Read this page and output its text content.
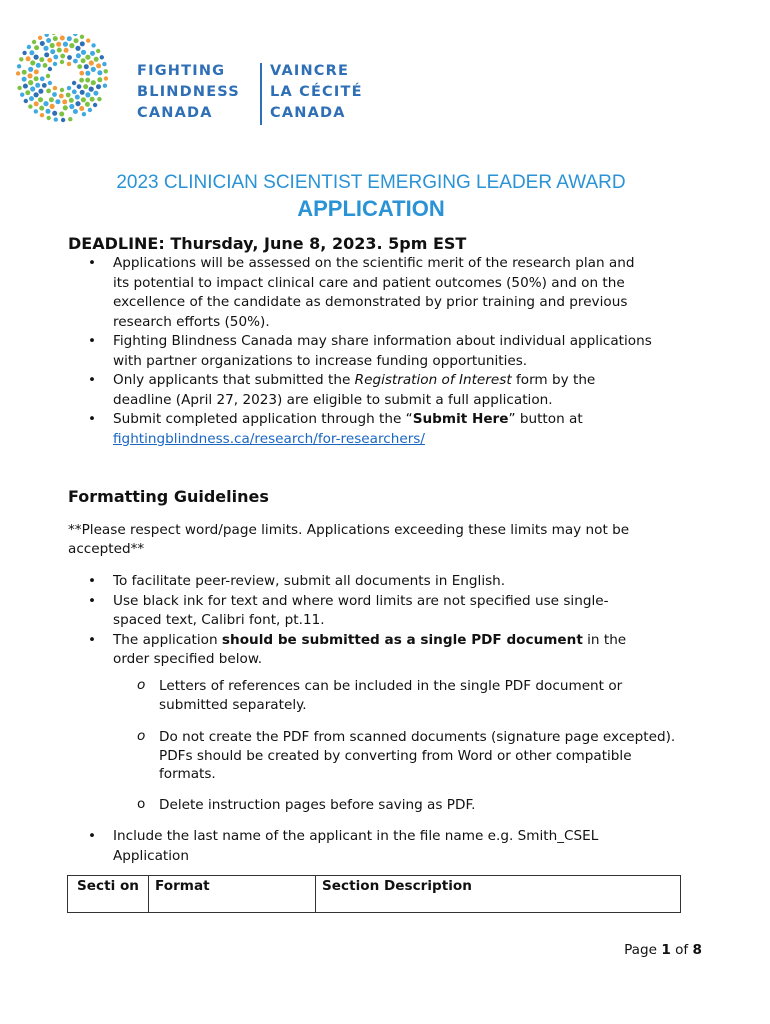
FIGHTING
BLINDNESS
CANADA
VAINCRE
LA CÉCITÉ
CANADA
2023 CLINICIAN SCIENTIST EMERGING LEADER AWARD
APPLICATION
DEADLINE: Thursday, June 8, 2023. 5pm EST
• Applications will be assessed on the scientific merit of the research plan and its potential to impact clinical care and patient outcomes (50%) and on the excellence of the candidate as demonstrated by prior training and previous research efforts (50%).
• Fighting Blindness Canada may share information about individual applications with partner organizations to increase funding opportunities.
• Only applicants that submitted the Registration of Interest form by the deadline (April 27, 2023) are eligible to submit a full application.
• Submit completed application through the “Submit Here” button at
fightingblindness.ca/research/for-researchers/
Formatting Guidelines
**Please respect word/page limits. Applications exceeding these limits may not be accepted**
• To facilitate peer-review, submit all documents in English.
• Use black ink for text and where word limits are not specified use single-spaced text, Calibri font, pt.11.
• The application should be submitted as a single PDF document in the order specified below.
o Letters of references can be included in the single PDF document or submitted separately.
o Do not create the PDF from scanned documents (signature page excepted). PDFs should be created by converting from Word or other compatible formats.
o Delete instruction pages before saving as PDF.
• Include the last name of the applicant in the file name e.g. Smith_CSEL Application
Secti on	Format	Section Description
Page 1 of 8
